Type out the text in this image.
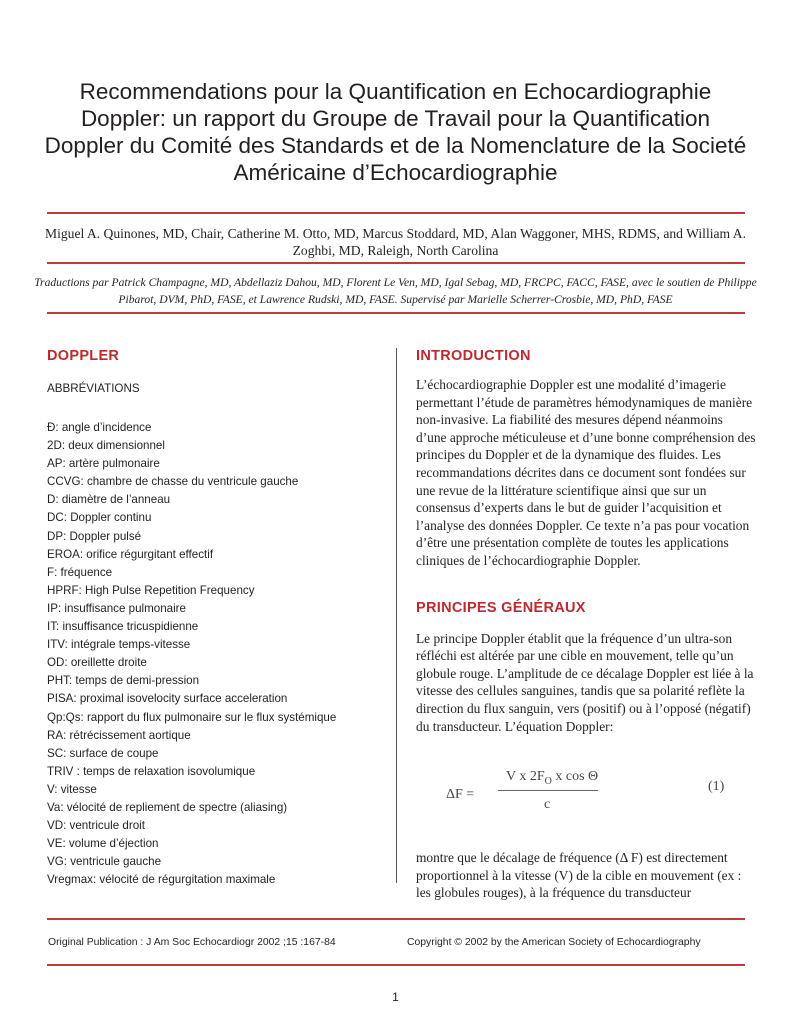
Recommendations pour la Quantification en Echocardiographie Doppler: un rapport du Groupe de Travail pour la Quantification Doppler du Comité des Standards et de la Nomenclature de la Societé Américaine d’Echocardiographie
Miguel A. Quinones, MD, Chair, Catherine M. Otto, MD, Marcus Stoddard, MD, Alan Waggoner, MHS, RDMS, and William A. Zoghbi, MD, Raleigh, North Carolina
Traductions par Patrick Champagne, MD, Abdellaziz Dahou, MD, Florent Le Ven, MD, Igal Sebag, MD, FRCPC, FACC, FASE, avec le soutien de Philippe Pibarot, DVM, PhD, FASE, et Lawrence Rudski, MD, FASE. Supervisé par Marielle Scherrer-Crosbie, MD, PhD, FASE
DOPPLER
ABBRÉVIATIONS
Ð: angle d’incidence
2D: deux dimensionnel
AP: artère pulmonaire
CCVG: chambre de chasse du ventricule gauche
D: diamètre de l’anneau
DC: Doppler continu
DP: Doppler pulsé
EROA: orifice régurgitant effectif
F: fréquence
HPRF: High Pulse Repetition Frequency
IP: insuffisance pulmonaire
IT: insuffisance tricuspidienne
ITV: intégrale temps-vitesse
OD: oreillette droite
PHT: temps de demi-pression
PISA: proximal isovelocity surface acceleration
Qp:Qs: rapport du flux pulmonaire sur le flux systémique
RA: rétrécissement aortique
SC: surface de coupe
TRIV : temps de relaxation isovolumique
V: vitesse
Va: vélocité de repliement de spectre (aliasing)
VD: ventricule droit
VE: volume d’éjection
VG: ventricule gauche
Vregmax: vélocité de régurgitation maximale
INTRODUCTION

L’échocardiographie Doppler est une modalité d’imagerie permettant l’étude de paramètres hémodynamiques de manière non-invasive. La fiabilité des mesures dépend néanmoins d’une approche méticuleuse et d’une bonne compréhension des principes du Doppler et de la dynamique des fluides. Les recommandations décrites dans ce document sont fondées sur une revue de la littérature scientifique ainsi que sur un consensus d’experts dans le but de guider l’acquisition et l’analyse des données Doppler. Ce texte n’a pas pour vocation d’être une présentation complète de toutes les applications cliniques de l’échocardiographie Doppler.

PRINCIPES GÉNÉRAUX

Le principe Doppler établit que la fréquence d’un ultra-son réfléchi est altérée par une cible en mouvement, telle qu’un globule rouge. L’amplitude de ce décalage Doppler est liée à la vitesse des cellules sanguines, tandis que sa polarité reflète la direction du flux sanguin, vers (positif) ou à l’opposé (négatif) du transducteur. L’équation Doppler:

ΔF =
V x $2F_O$ x cos Θ
c
(1)

montre que le décalage de fréquence (Δ F) est directement proportionnel à la vitesse (V) de la cible en mouvement (ex : les globules rouges), à la fréquence du transducteur

Original Publication : J Am Soc Echocardiogr 2002 ;15 :167-84	Copyright © 2002 by the American Society of Echocardiography
1
